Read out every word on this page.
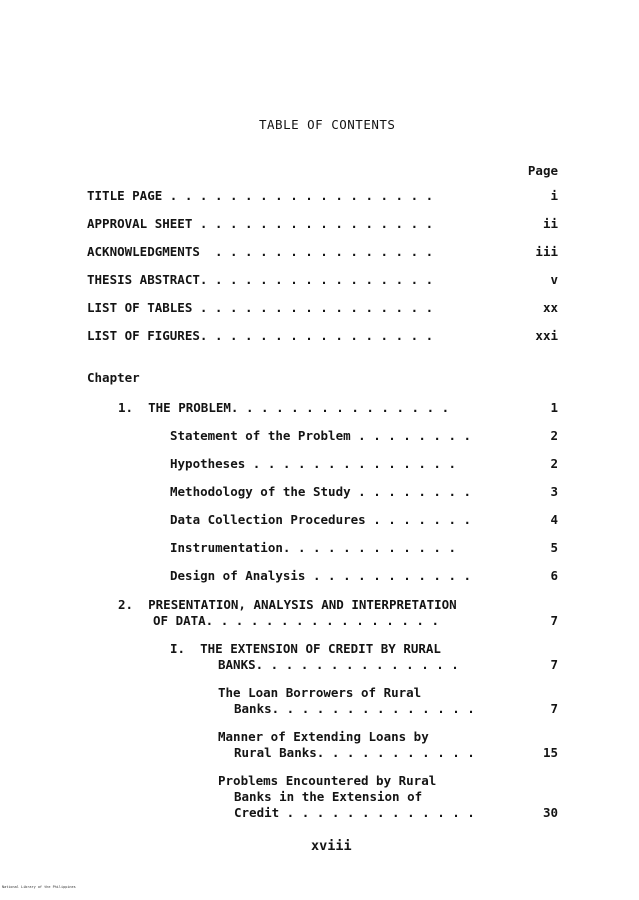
TABLE OF CONTENTS
Page
TITLE PAGE . . . . . . . . . . . . . . . . . .	i
APPROVAL SHEET . . . . . . . . . . . . . . . .	ii
ACKNOWLEDGMENTS  . . . . . . . . . . . . . . .	iii
THESIS ABSTRACT. . . . . . . . . . . . . . . .	v
LIST OF TABLES . . . . . . . . . . . . . . . .	xx
LIST OF FIGURES. . . . . . . . . . . . . . . .	xxi
Chapter
1. THE PROBLEM. . . . . . . . . . . . . . .	1
Statement of the Problem . . . . . . . .	2
Hypotheses . . . . . . . . . . . . . .	2
Methodology of the Study . . . . . . . .	3
Data Collection Procedures . . . . . . .	4
Instrumentation. . . . . . . . . . . .	5
Design of Analysis . . . . . . . . . . .	6
2. PRESENTATION, ANALYSIS AND INTERPRETATION
OF DATA. . . . . . . . . . . . . . . .	7
I. THE EXTENSION OF CREDIT BY RURAL
BANKS. . . . . . . . . . . . . .	7
The Loan Borrowers of Rural
Banks. . . . . . . . . . . . . .	7
Manner of Extending Loans by
Rural Banks. . . . . . . . . . .	15
Problems Encountered by Rural
Banks in the Extension of
Credit . . . . . . . . . . . . .	30
xviii
National Library of the Philippines
